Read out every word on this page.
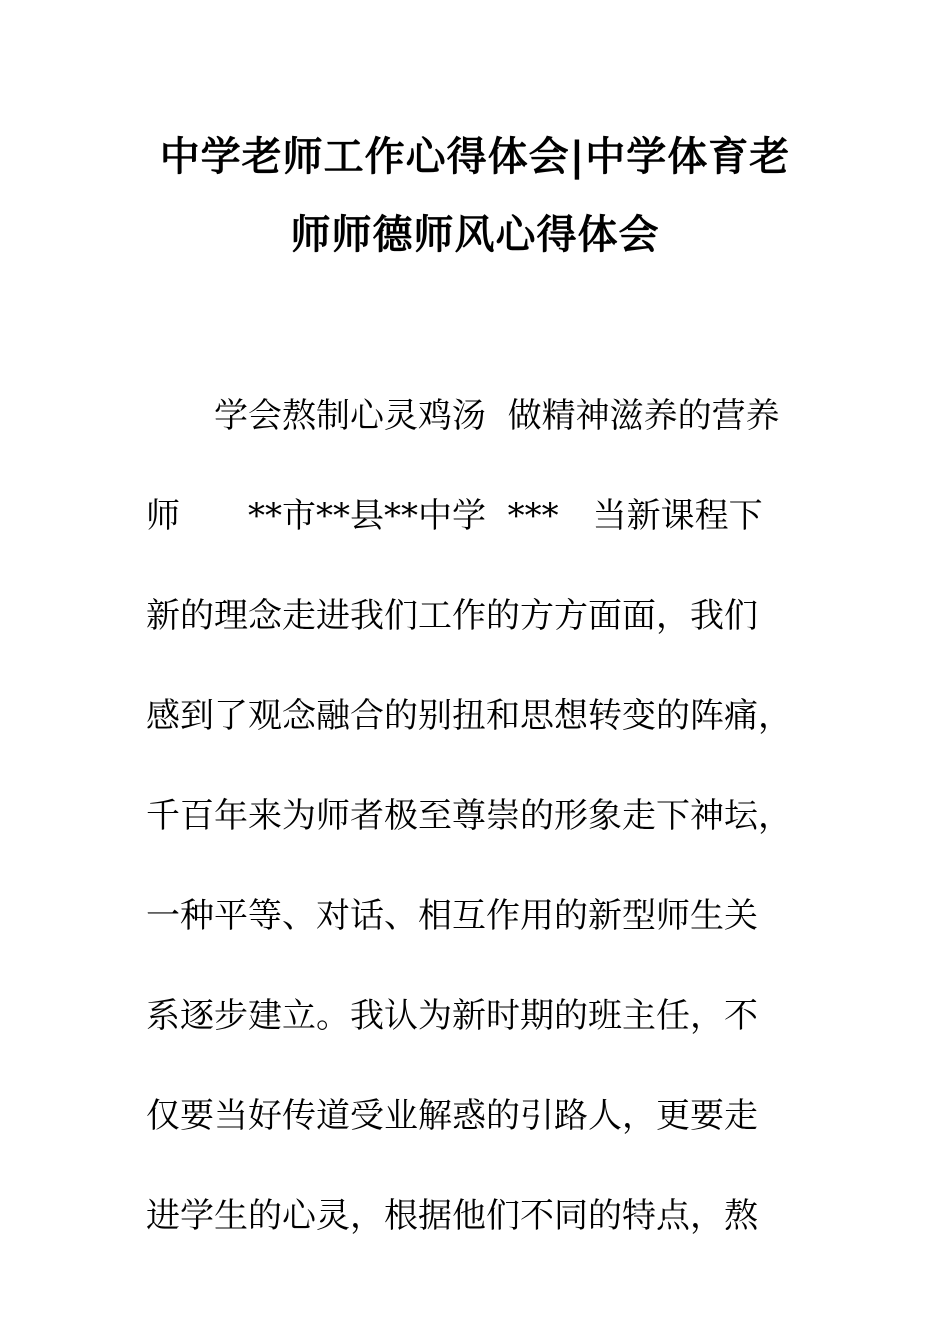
中学老师工作心得体会|中学体育老
师师德师风心得体会
　　学会熬制心灵鸡汤  做精神滋养的营养
师　　**市**县**中学  ***　当新课程下
新的理念走进我们工作的方方面面，我们
感到了观念融合的别扭和思想转变的阵痛，
千百年来为师者极至尊崇的形象走下神坛，
一种平等、对话、相互作用的新型师生关
系逐步建立。我认为新时期的班主任，不
仅要当好传道受业解惑的引路人，更要走
进学生的心灵，根据他们不同的特点，熬
